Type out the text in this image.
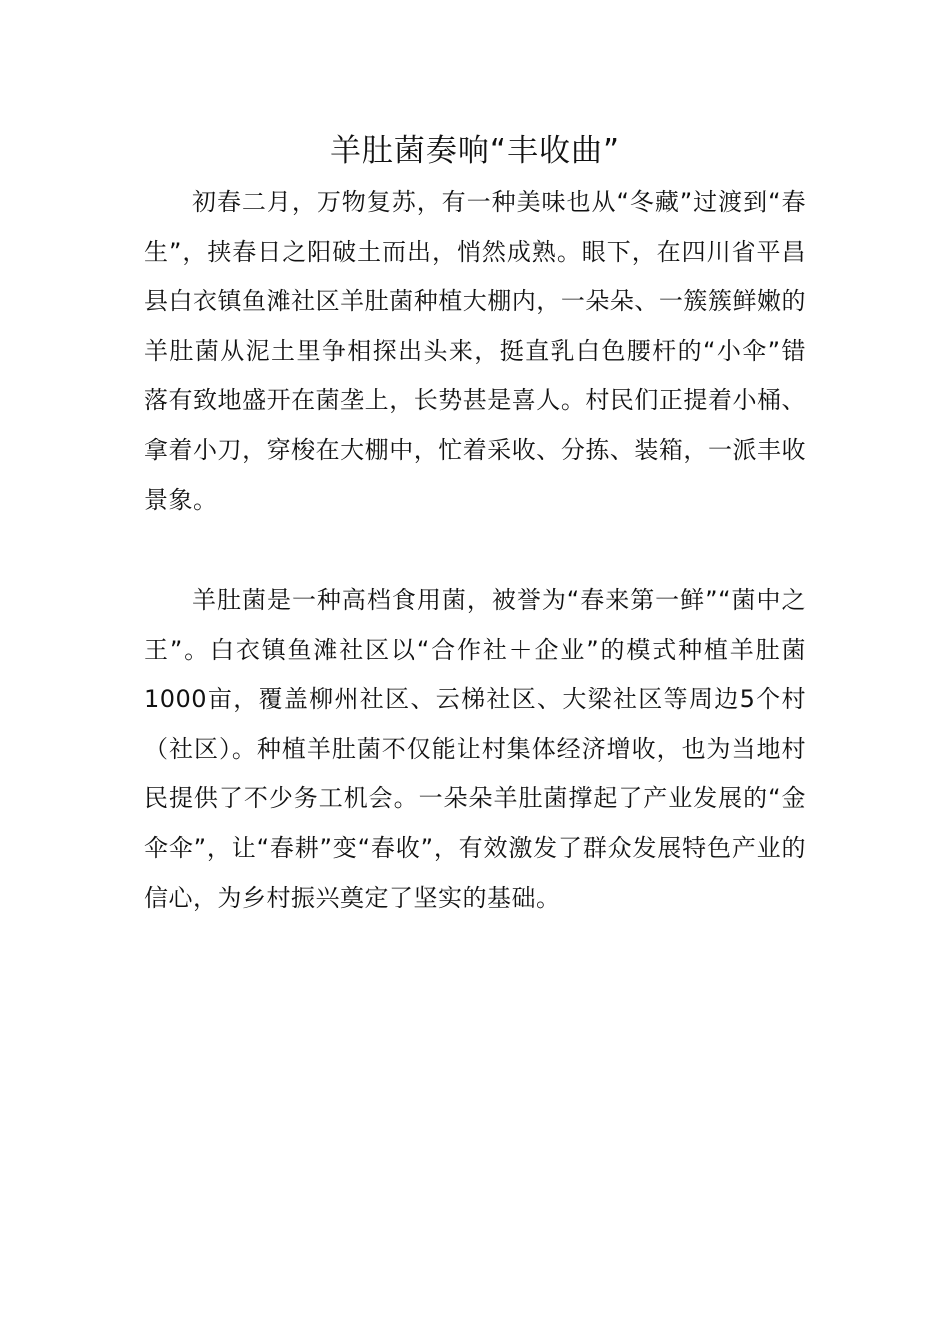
羊肚菌奏响“丰收曲”

初春二月，万物复苏，有一种美味也从“冬藏”过渡到“春生”，挟春日之阳破土而出，悄然成熟。眼下，在四川省平昌县白衣镇鱼滩社区羊肚菌种植大棚内，一朵朵、一簇簇鲜嫩的羊肚菌从泥土里争相探出头来，挺直乳白色腰杆的“小伞”错落有致地盛开在菌垄上，长势甚是喜人。村民们正提着小桶、拿着小刀，穿梭在大棚中，忙着采收、分拣、装箱，一派丰收景象。

羊肚菌是一种高档食用菌，被誉为“春来第一鲜”“菌中之王”。白衣镇鱼滩社区以“合作社＋企业”的模式种植羊肚菌1000亩，覆盖柳州社区、云梯社区、大梁社区等周边5个村（社区）。种植羊肚菌不仅能让村集体经济增收，也为当地村民提供了不少务工机会。一朵朵羊肚菌撑起了产业发展的“金伞伞”，让“春耕”变“春收”，有效激发了群众发展特色产业的信心，为乡村振兴奠定了坚实的基础。
